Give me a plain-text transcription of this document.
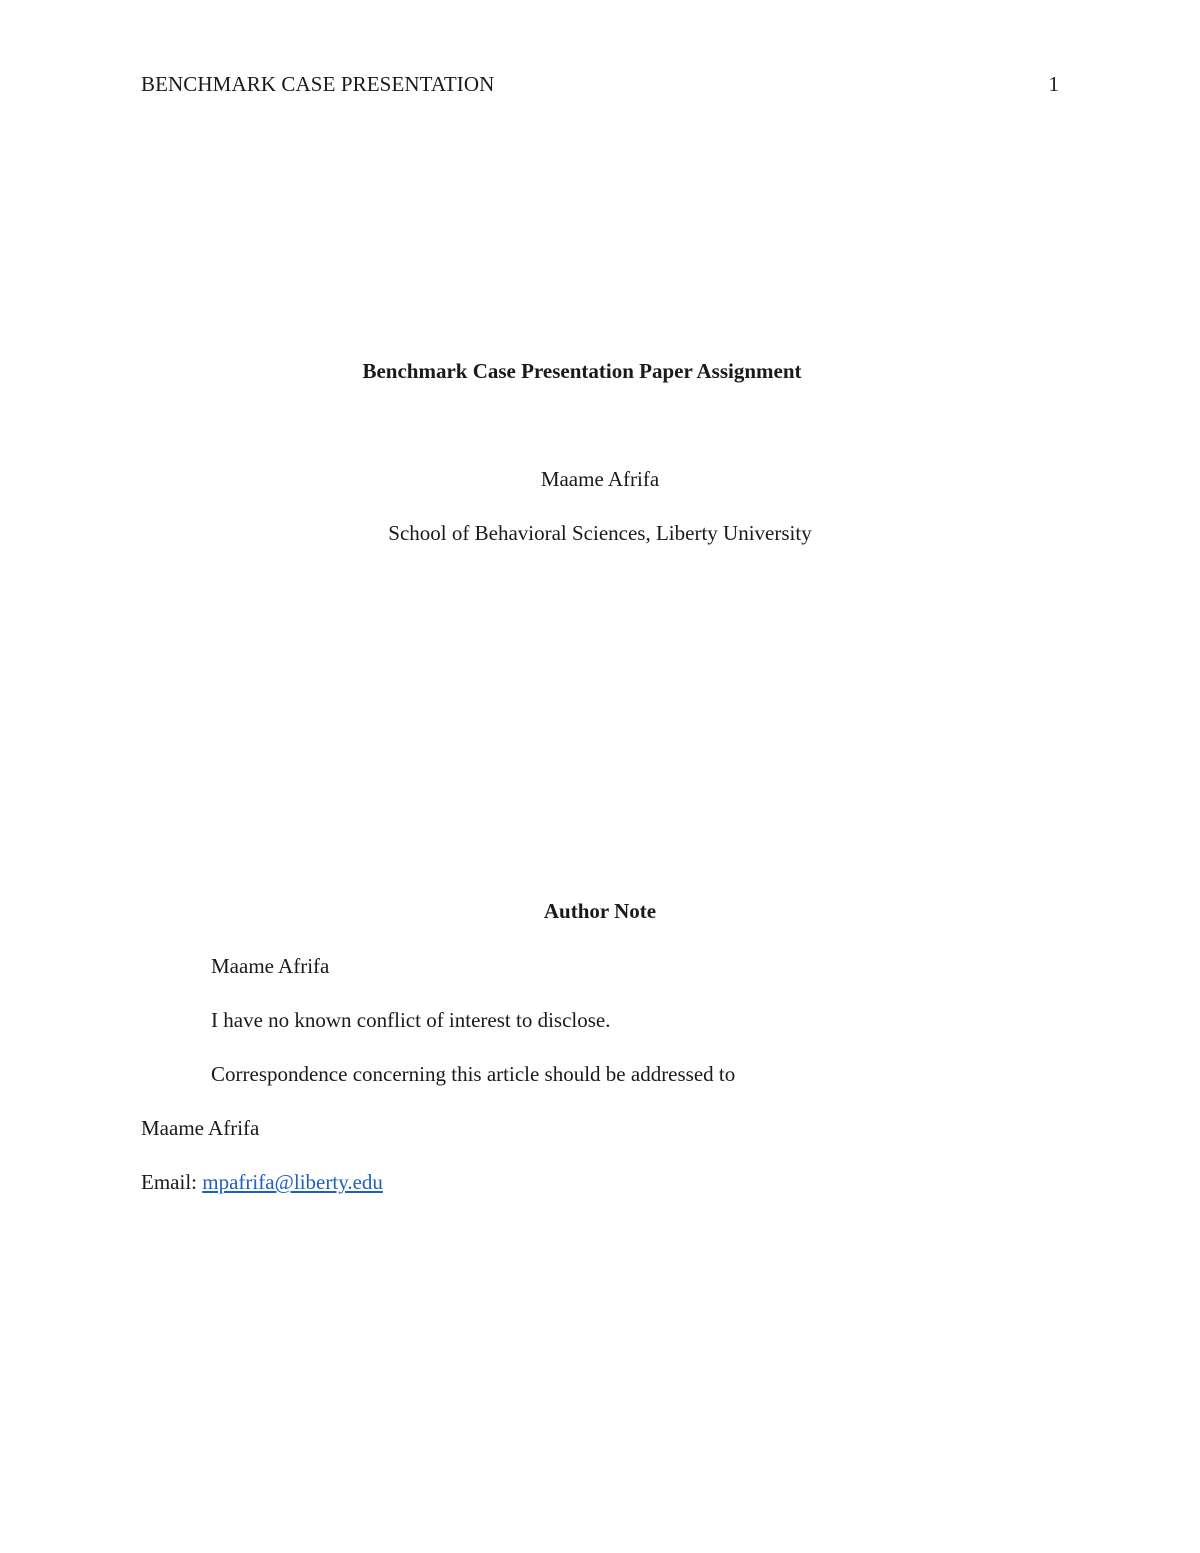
BENCHMARK CASE PRESENTATION	1
Benchmark Case Presentation Paper Assignment
Maame Afrifa
School of Behavioral Sciences, Liberty University
Author Note
Maame Afrifa
I have no known conflict of interest to disclose.
Correspondence concerning this article should be addressed to
Maame Afrifa
Email: mpafrifa@liberty.edu
